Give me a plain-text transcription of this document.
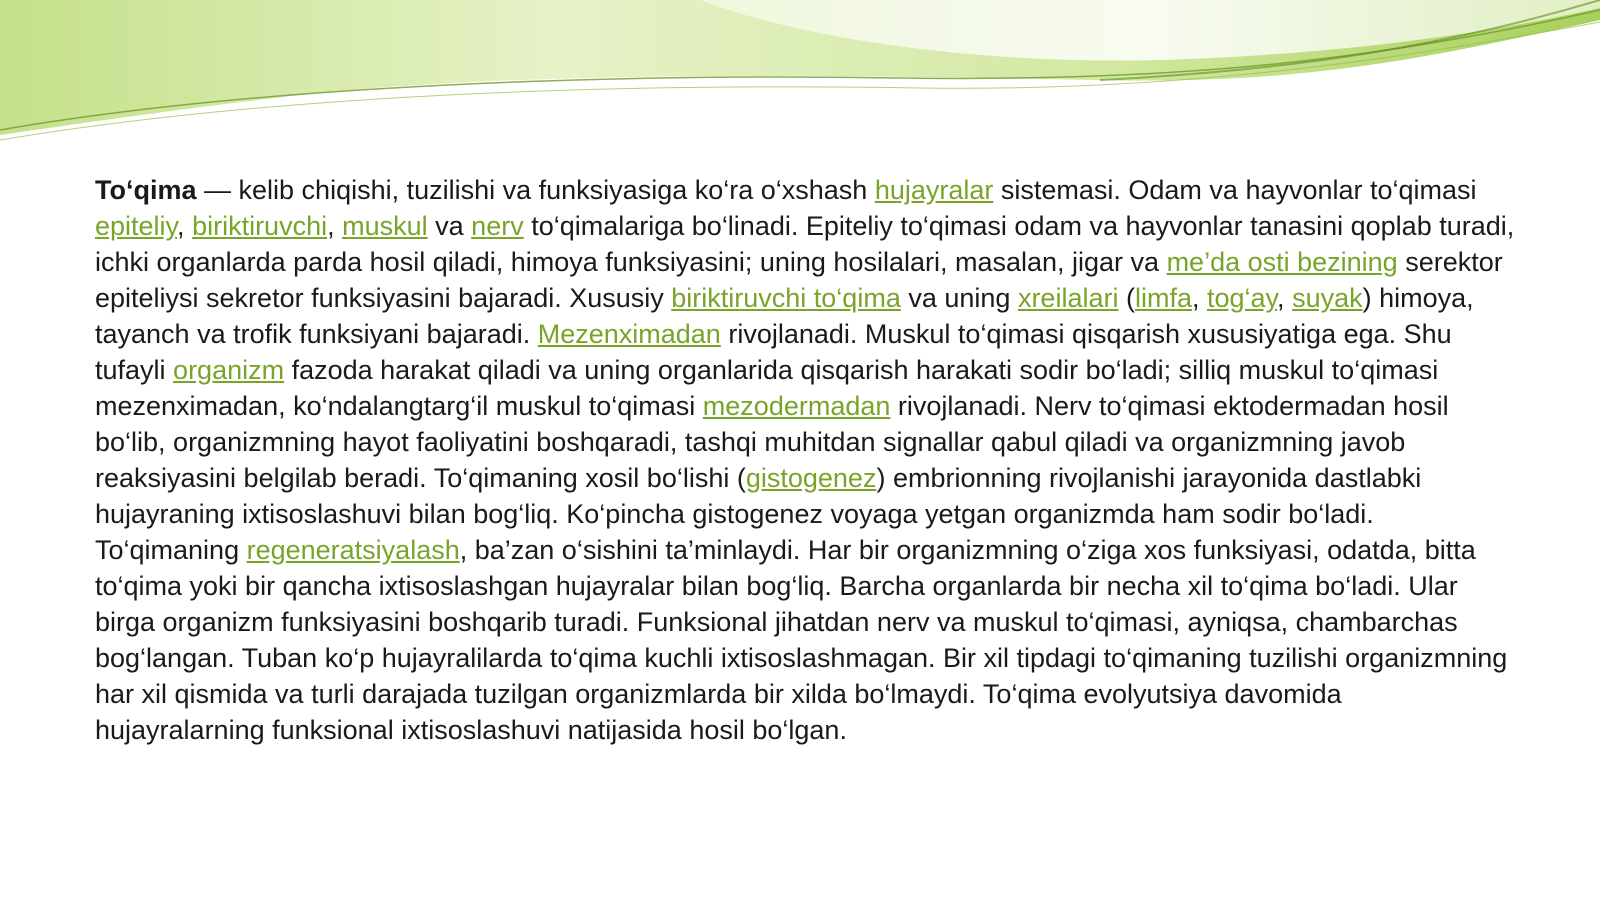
To‘qima — kelib chiqishi, tuzilishi va funksiyasiga ko‘ra o‘xshash hujayralar sistemasi. Odam va hayvonlar to‘qimasi epiteliy, biriktiruvchi, muskul va nerv to‘qimalariga bo‘linadi. Epiteliy to‘qimasi odam va hayvonlar tanasini qoplab turadi, ichki organlarda parda hosil qiladi, himoya funksiyasini; uning hosilalari, masalan, jigar va me’da osti bezining serektor epiteliysi sekretor funksiyasini bajaradi. Xususiy biriktiruvchi to‘qima va uning xreilalari (limfa, tog‘ay, suyak) himoya, tayanch va trofik funksiyani bajaradi. Mezenximadan rivojlanadi. Muskul to‘qimasi qisqarish xususiyatiga ega. Shu tufayli organizm fazoda harakat qiladi va uning organlarida qisqarish harakati sodir bo‘ladi; silliq muskul to‘qimasi mezenximadan, ko‘ndalangtarg‘il muskul to‘qimasi mezodermadan rivojlanadi. Nerv to‘qimasi ektodermadan hosil bo‘lib, organizmning hayot faoliyatini boshqaradi, tashqi muhitdan signallar qabul qiladi va organizmning javob reaksiyasini belgilab beradi. To‘qimaning xosil bo‘lishi (gistogenez) embrionning rivojlanishi jarayonida dastlabki hujayraning ixtisoslashuvi bilan bog‘liq. Ko‘pincha gistogenez voyaga yetgan organizmda ham sodir bo‘ladi. To‘qimaning regeneratsiyalash, ba’zan o‘sishini ta’minlaydi. Har bir organizmning o‘ziga xos funksiyasi, odatda, bitta to‘qima yoki bir qancha ixtisoslashgan hujayralar bilan bog‘liq. Barcha organlarda bir necha xil to‘qima bo‘ladi. Ular birga organizm funksiyasini boshqarib turadi. Funksional jihatdan nerv va muskul to‘qimasi, ayniqsa, chambarchas bog‘langan. Tuban ko‘p hujayralilarda to‘qima kuchli ixtisoslashmagan. Bir xil tipdagi to‘qimaning tuzilishi organizmning har xil qismida va turli darajada tuzilgan organizmlarda bir xilda bo‘lmaydi. To‘qima evolyutsiya davomida hujayralarning funksional ixtisoslashuvi natijasida hosil bo‘lgan.
